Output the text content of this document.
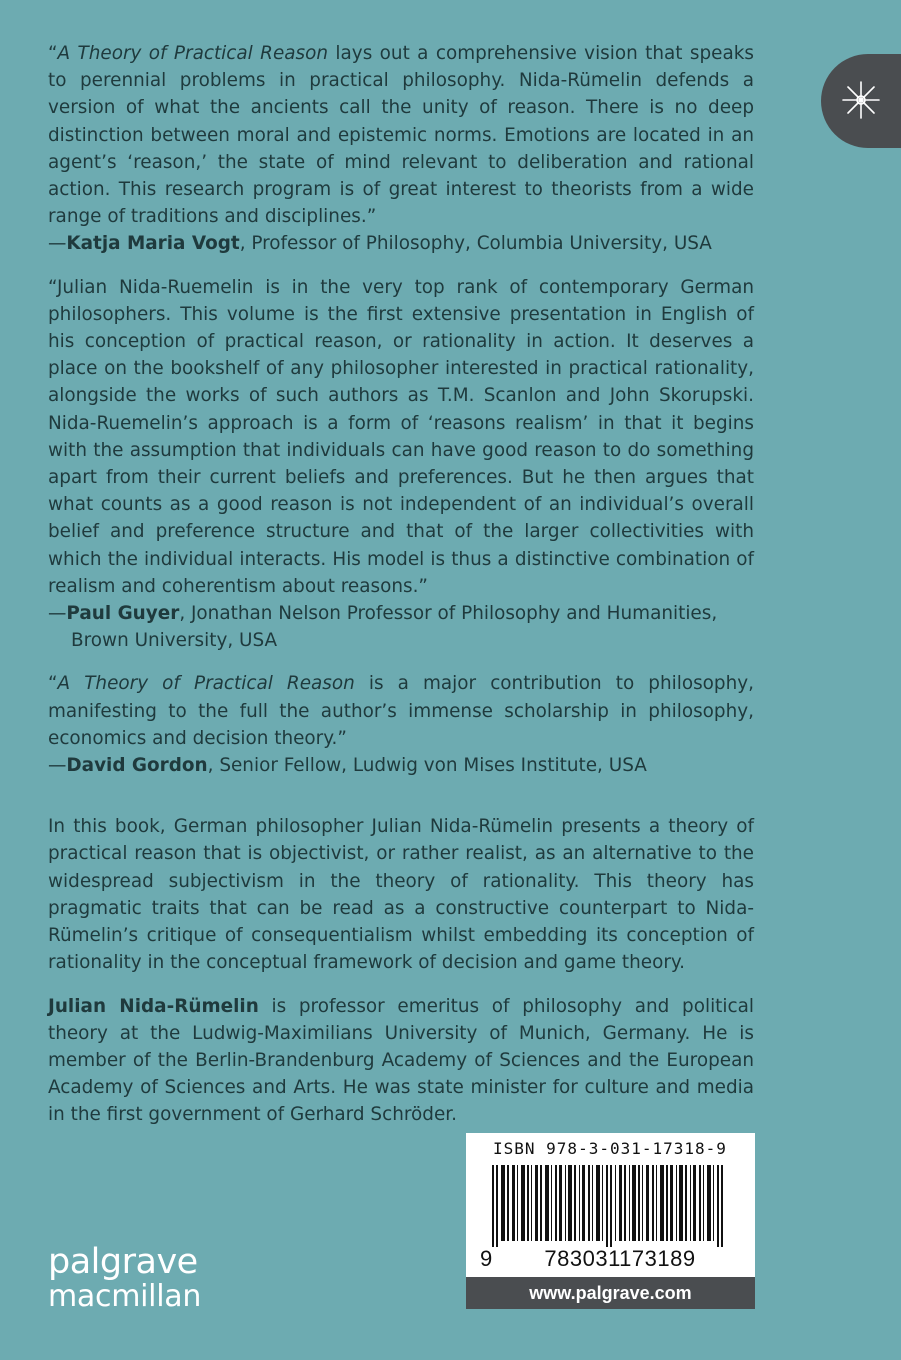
“A Theory of Practical Reason lays out a comprehensive vision that speaks to perennial problems in practical philosophy. Nida-Rümelin defends a version of what the ancients call the unity of reason. There is no deep distinction between moral and epistemic norms. Emotions are located in an agent’s ‘reason,’ the state of mind relevant to deliberation and rational action. This research program is of great interest to theorists from a wide range of traditions and disciplines.”

—Katja Maria Vogt, Professor of Philosophy, Columbia University, USA

“Julian Nida-Ruemelin is in the very top rank of contemporary German philosophers. This volume is the first extensive presentation in English of his conception of practical reason, or rationality in action. It deserves a place on the bookshelf of any philosopher interested in practical rationality, alongside the works of such authors as T.M. Scanlon and John Skorupski. Nida-Ruemelin’s approach is a form of ‘reasons realism’ in that it begins with the assumption that individuals can have good reason to do something apart from their current beliefs and preferences. But he then argues that what counts as a good reason is not independent of an individual’s overall belief and preference structure and that of the larger collectivities with which the individual interacts. His model is thus a distinctive combination of realism and coherentism about reasons.”

—Paul Guyer, Jonathan Nelson Professor of Philosophy and Humanities, Brown University, USA

“A Theory of Practical Reason is a major contribution to philosophy, manifesting to the full the author’s immense scholarship in philosophy, economics and decision theory.”

—David Gordon, Senior Fellow, Ludwig von Mises Institute, USA

In this book, German philosopher Julian Nida-Rümelin presents a theory of practical reason that is objectivist, or rather realist, as an alternative to the widespread subjectivism in the theory of rationality. This theory has pragmatic traits that can be read as a constructive counterpart to Nida-Rümelin’s critique of consequentialism whilst embedding its conception of rationality in the conceptual framework of decision and game theory.

Julian Nida-Rümelin is professor emeritus of philosophy and political theory at the Ludwig-Maximilians University of Munich, Germany. He is member of the Berlin-Brandenburg Academy of Sciences and the European Academy of Sciences and Arts. He was state minister for culture and media in the first government of Gerhard Schröder.

ISBN 978-3-031-17318-9
9	783031173189
www.palgrave.com
palgrave
macmillan
